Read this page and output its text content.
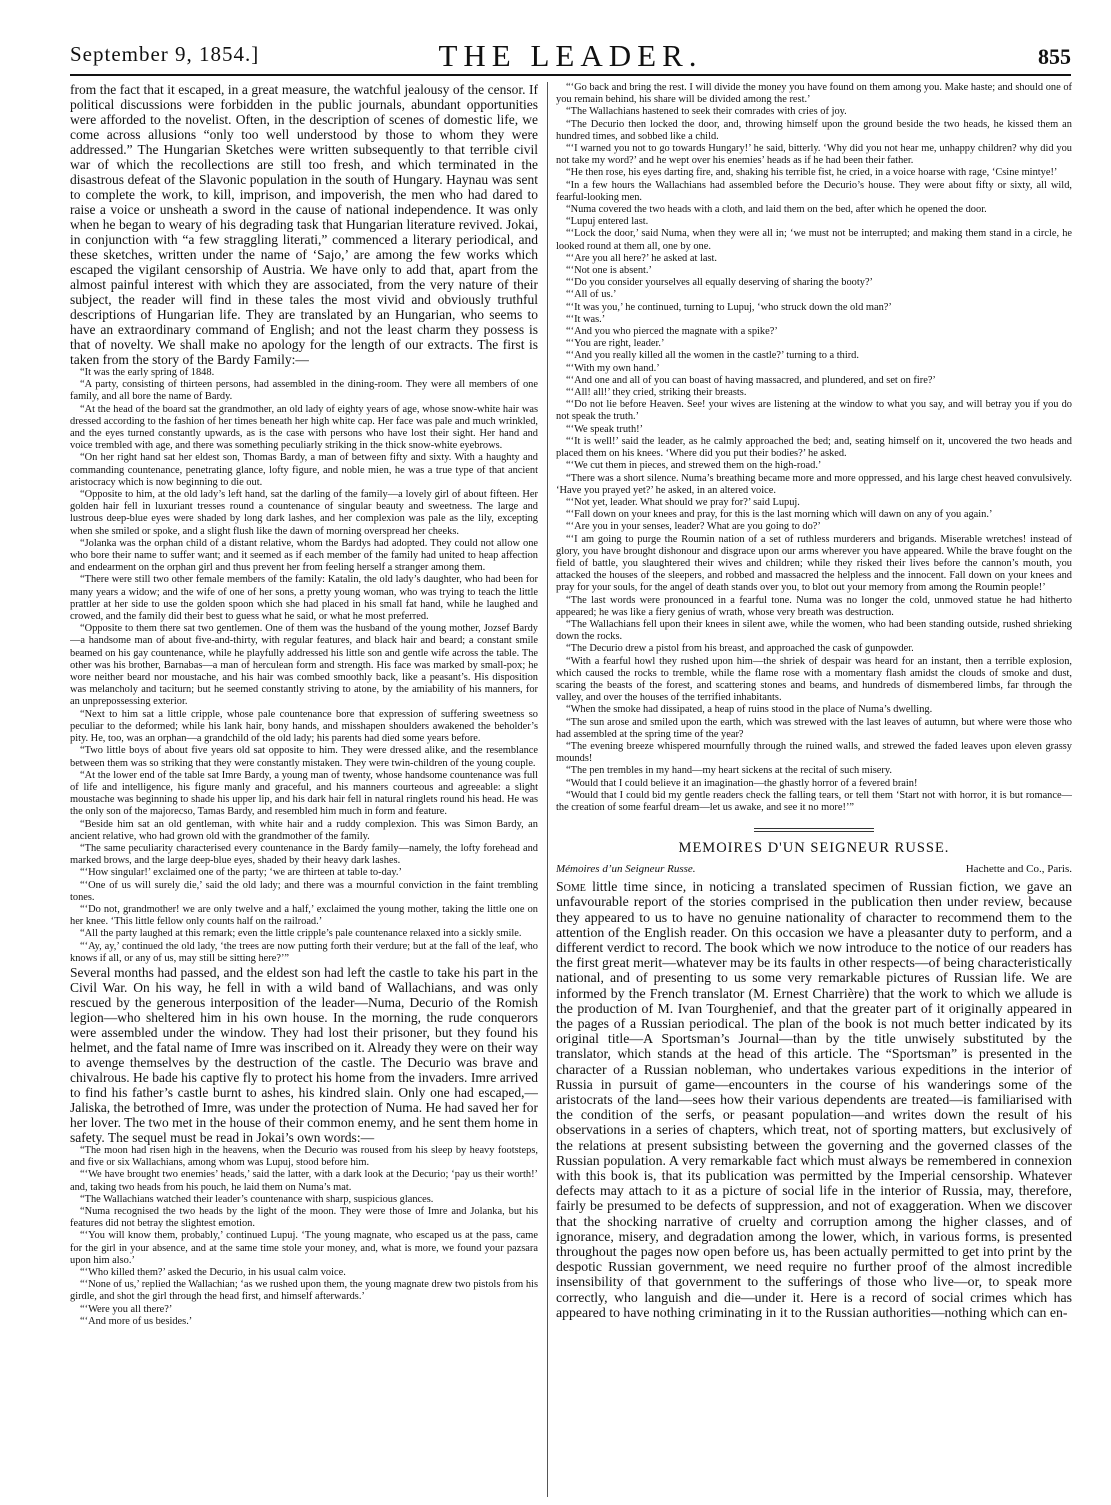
September 9, 1854.]	THE LEADER.	855

from the fact that it escaped, in a great measure, the watchful jealousy of the censor. If political discussions were forbidden in the public journals, abundant opportunities were afforded to the novelist. Often, in the description of scenes of domestic life, we come across allusions “only too well understood by those to whom they were addressed.” The Hungarian Sketches were written subsequently to that terrible civil war of which the recollections are still too fresh, and which terminated in the disastrous defeat of the Slavonic population in the south of Hungary. Haynau was sent to complete the work, to kill, imprison, and impoverish, the men who had dared to raise a voice or unsheath a sword in the cause of national independence. It was only when he began to weary of his degrading task that Hungarian literature revived. Jokai, in conjunction with “a few straggling literati,” commenced a literary periodical, and these sketches, written under the name of ‘Sajo,’ are among the few works which escaped the vigilant censorship of Austria. We have only to add that, apart from the almost painful interest with which they are associated, from the very nature of their subject, the reader will find in these tales the most vivid and obviously truthful descriptions of Hungarian life. They are translated by an Hungarian, who seems to have an extraordinary command of English; and not the least charm they possess is that of novelty. We shall make no apology for the length of our extracts. The first is taken from the story of the Bardy Family:—

“It was the early spring of 1848.

“A party, consisting of thirteen persons, had assembled in the dining-room. They were all members of one family, and all bore the name of Bardy.

“At the head of the board sat the grandmother, an old lady of eighty years of age, whose snow-white hair was dressed according to the fashion of her times beneath her high white cap. Her face was pale and much wrinkled, and the eyes turned constantly upwards, as is the case with persons who have lost their sight. Her hand and voice trembled with age, and there was something peculiarly striking in the thick snow-white eyebrows.

“On her right hand sat her eldest son, Thomas Bardy, a man of between fifty and sixty. With a haughty and commanding countenance, penetrating glance, lofty figure, and noble mien, he was a true type of that ancient aristocracy which is now beginning to die out.

“Opposite to him, at the old lady’s left hand, sat the darling of the family—a lovely girl of about fifteen. Her golden hair fell in luxuriant tresses round a countenance of singular beauty and sweetness. The large and lustrous deep-blue eyes were shaded by long dark lashes, and her complexion was pale as the lily, excepting when she smiled or spoke, and a slight flush like the dawn of morning overspread her cheeks.

“Jolanka was the orphan child of a distant relative, whom the Bardys had adopted. They could not allow one who bore their name to suffer want; and it seemed as if each member of the family had united to heap affection and endearment on the orphan girl and thus prevent her from feeling herself a stranger among them.

“There were still two other female members of the family: Katalin, the old lady’s daughter, who had been for many years a widow; and the wife of one of her sons, a pretty young woman, who was trying to teach the little prattler at her side to use the golden spoon which she had placed in his small fat hand, while he laughed and crowed, and the family did their best to guess what he said, or what he most preferred.

“Opposite to them there sat two gentlemen. One of them was the husband of the young mother, Jozsef Bardy—a handsome man of about five-and-thirty, with regular features, and black hair and beard; a constant smile beamed on his gay countenance, while he playfully addressed his little son and gentle wife across the table. The other was his brother, Barnabas—a man of herculean form and strength. His face was marked by small-pox; he wore neither beard nor moustache, and his hair was combed smoothly back, like a peasant’s. His disposition was melancholy and taciturn; but he seemed constantly striving to atone, by the amiability of his manners, for an unprepossessing exterior.

“Next to him sat a little cripple, whose pale countenance bore that expression of suffering sweetness so peculiar to the deformed; while his lank hair, bony hands, and misshapen shoulders awakened the beholder’s pity. He, too, was an orphan—a grandchild of the old lady; his parents had died some years before.

“Two little boys of about five years old sat opposite to him. They were dressed alike, and the resemblance between them was so striking that they were constantly mistaken. They were twin-children of the young couple.

“At the lower end of the table sat Imre Bardy, a young man of twenty, whose handsome countenance was full of life and intelligence, his figure manly and graceful, and his manners courteous and agreeable: a slight moustache was beginning to shade his upper lip, and his dark hair fell in natural ringlets round his head. He was the only son of the majorecso, Tamas Bardy, and resembled him much in form and feature.

“Beside him sat an old gentleman, with white hair and a ruddy complexion. This was Simon Bardy, an ancient relative, who had grown old with the grandmother of the family.

“The same peculiarity characterised every countenance in the Bardy family—namely, the lofty forehead and marked brows, and the large deep-blue eyes, shaded by their heavy dark lashes.

“‘How singular!’ exclaimed one of the party; ‘we are thirteen at table to-day.’

“‘One of us will surely die,’ said the old lady; and there was a mournful conviction in the faint trembling tones.

“‘Do not, grandmother! we are only twelve and a half,’ exclaimed the young mother, taking the little one on her knee. ‘This little fellow only counts half on the railroad.’

“All the party laughed at this remark; even the little cripple’s pale countenance relaxed into a sickly smile.

“‘Ay, ay,’ continued the old lady, ‘the trees are now putting forth their verdure; but at the fall of the leaf, who knows if all, or any of us, may still be sitting here?’”

Several months had passed, and the eldest son had left the castle to take his part in the Civil War. On his way, he fell in with a wild band of Wallachians, and was only rescued by the generous interposition of the leader—Numa, Decurio of the Romish legion—who sheltered him in his own house. In the morning, the rude conquerors were assembled under the window. They had lost their prisoner, but they found his helmet, and the fatal name of Imre was inscribed on it. Already they were on their way to avenge themselves by the destruction of the castle. The Decurio was brave and chivalrous. He bade his captive fly to protect his home from the invaders. Imre arrived to find his father’s castle burnt to ashes, his kindred slain. Only one had escaped,—Jaliska, the betrothed of Imre, was under the protection of Numa. He had saved her for her lover. The two met in the house of their common enemy, and he sent them home in safety. The sequel must be read in Jokai’s own words:—

“The moon had risen high in the heavens, when the Decurio was roused from his sleep by heavy footsteps, and five or six Wallachians, among whom was Lupuj, stood before him.

“‘We have brought two enemies’ heads,’ said the latter, with a dark look at the Decurio; ‘pay us their worth!’ and, taking two heads from his pouch, he laid them on Numa’s mat.

“The Wallachians watched their leader’s countenance with sharp, suspicious glances.

“Numa recognised the two heads by the light of the moon. They were those of Imre and Jolanka, but his features did not betray the slightest emotion.

“‘You will know them, probably,’ continued Lupuj. ‘The young magnate, who escaped us at the pass, came for the girl in your absence, and at the same time stole your money, and, what is more, we found your pazsara upon him also.’

“‘Who killed them?’ asked the Decurio, in his usual calm voice.

“‘None of us,’ replied the Wallachian; ‘as we rushed upon them, the young magnate drew two pistols from his girdle, and shot the girl through the head first, and himself afterwards.’

“‘Were you all there?’

“‘And more of us besides.’

“‘Go back and bring the rest. I will divide the money you have found on them among you. Make haste; and should one of you remain behind, his share will be divided among the rest.’

“The Wallachians hastened to seek their comrades with cries of joy.

“The Decurio then locked the door, and, throwing himself upon the ground beside the two heads, he kissed them an hundred times, and sobbed like a child.

“‘I warned you not to go towards Hungary!’ he said, bitterly. ‘Why did you not hear me, unhappy children? why did you not take my word?’ and he wept over his enemies’ heads as if he had been their father.

“He then rose, his eyes darting fire, and, shaking his terrible fist, he cried, in a voice hoarse with rage, ‘Csine mintye!’

“In a few hours the Wallachians had assembled before the Decurio’s house. They were about fifty or sixty, all wild, fearful-looking men.

“Numa covered the two heads with a cloth, and laid them on the bed, after which he opened the door.

“Lupuj entered last.

“‘Lock the door,’ said Numa, when they were all in; ‘we must not be interrupted; and making them stand in a circle, he looked round at them all, one by one.

“‘Are you all here?’ he asked at last.

“‘Not one is absent.’

“‘Do you consider yourselves all equally deserving of sharing the booty?’

“‘All of us.’

“‘It was you,’ he continued, turning to Lupuj, ‘who struck down the old man?’

“‘It was.’

“‘And you who pierced the magnate with a spike?’

“‘You are right, leader.’

“‘And you really killed all the women in the castle?’ turning to a third.

“‘With my own hand.’

“‘And one and all of you can boast of having massacred, and plundered, and set on fire?’

“‘All! all!’ they cried, striking their breasts.

“‘Do not lie before Heaven. See! your wives are listening at the window to what you say, and will betray you if you do not speak the truth.’

“‘We speak truth!’

“‘It is well!’ said the leader, as he calmly approached the bed; and, seating himself on it, uncovered the two heads and placed them on his knees. ‘Where did you put their bodies?’ he asked.

“‘We cut them in pieces, and strewed them on the high-road.’

“There was a short silence. Numa’s breathing became more and more oppressed, and his large chest heaved convulsively. ‘Have you prayed yet?’ he asked, in an altered voice.

“‘Not yet, leader. What should we pray for?’ said Lupuj.

“‘Fall down on your knees and pray, for this is the last morning which will dawn on any of you again.’

“‘Are you in your senses, leader? What are you going to do?’

“‘I am going to purge the Roumin nation of a set of ruthless murderers and brigands. Miserable wretches! instead of glory, you have brought dishonour and disgrace upon our arms wherever you have appeared. While the brave fought on the field of battle, you slaughtered their wives and children; while they risked their lives before the cannon’s mouth, you attacked the houses of the sleepers, and robbed and massacred the helpless and the innocent. Fall down on your knees and pray for your souls, for the angel of death stands over you, to blot out your memory from among the Roumin people!’

“The last words were pronounced in a fearful tone. Numa was no longer the cold, unmoved statue he had hitherto appeared; he was like a fiery genius of wrath, whose very breath was destruction.

“The Wallachians fell upon their knees in silent awe, while the women, who had been standing outside, rushed shrieking down the rocks.

“The Decurio drew a pistol from his breast, and approached the cask of gunpowder.

“With a fearful howl they rushed upon him—the shriek of despair was heard for an instant, then a terrible explosion, which caused the rocks to tremble, while the flame rose with a momentary flash amidst the clouds of smoke and dust, scaring the beasts of the forest, and scattering stones and beams, and hundreds of dismembered limbs, far through the valley, and over the houses of the terrified inhabitants.

“When the smoke had dissipated, a heap of ruins stood in the place of Numa’s dwelling.

“The sun arose and smiled upon the earth, which was strewed with the last leaves of autumn, but where were those who had assembled at the spring time of the year?

“The evening breeze whispered mournfully through the ruined walls, and strewed the faded leaves upon eleven grassy mounds!

“The pen trembles in my hand—my heart sickens at the recital of such misery.

“Would that I could believe it an imagination—the ghastly horror of a fevered brain!

“Would that I could bid my gentle readers check the falling tears, or tell them ‘Start not with horror, it is but romance—the creation of some fearful dream—let us awake, and see it no more!’”

MEMOIRES D'UN SEIGNEUR RUSSE.
Mémoires d’un Seigneur Russe.	Hachette and Co., Paris.

Some little time since, in noticing a translated specimen of Russian fiction, we gave an unfavourable report of the stories comprised in the publication then under review, because they appeared to us to have no genuine nationality of character to recommend them to the attention of the English reader. On this occasion we have a pleasanter duty to perform, and a different verdict to record. The book which we now introduce to the notice of our readers has the first great merit—whatever may be its faults in other respects—of being characteristically national, and of presenting to us some very remarkable pictures of Russian life. We are informed by the French translator (M. Ernest Charrière) that the work to which we allude is the production of M. Ivan Tourghenief, and that the greater part of it originally appeared in the pages of a Russian periodical. The plan of the book is not much better indicated by its original title—A Sportsman’s Journal—than by the title unwisely substituted by the translator, which stands at the head of this article. The “Sportsman” is presented in the character of a Russian nobleman, who undertakes various expeditions in the interior of Russia in pursuit of game—encounters in the course of his wanderings some of the aristocrats of the land—sees how their various dependents are treated—is familiarised with the condition of the serfs, or peasant population—and writes down the result of his observations in a series of chapters, which treat, not of sporting matters, but exclusively of the relations at present subsisting between the governing and the governed classes of the Russian population. A very remarkable fact which must always be remembered in connexion with this book is, that its publication was permitted by the Imperial censorship. Whatever defects may attach to it as a picture of social life in the interior of Russia, may, therefore, fairly be presumed to be defects of suppression, and not of exaggeration. When we discover that the shocking narrative of cruelty and corruption among the higher classes, and of ignorance, misery, and degradation among the lower, which, in various forms, is presented throughout the pages now open before us, has been actually permitted to get into print by the despotic Russian government, we need require no further proof of the almost incredible insensibility of that government to the sufferings of those who live—or, to speak more correctly, who languish and die—under it. Here is a record of social crimes which has appeared to have nothing criminating in it to the Russian authorities—nothing which can en-
